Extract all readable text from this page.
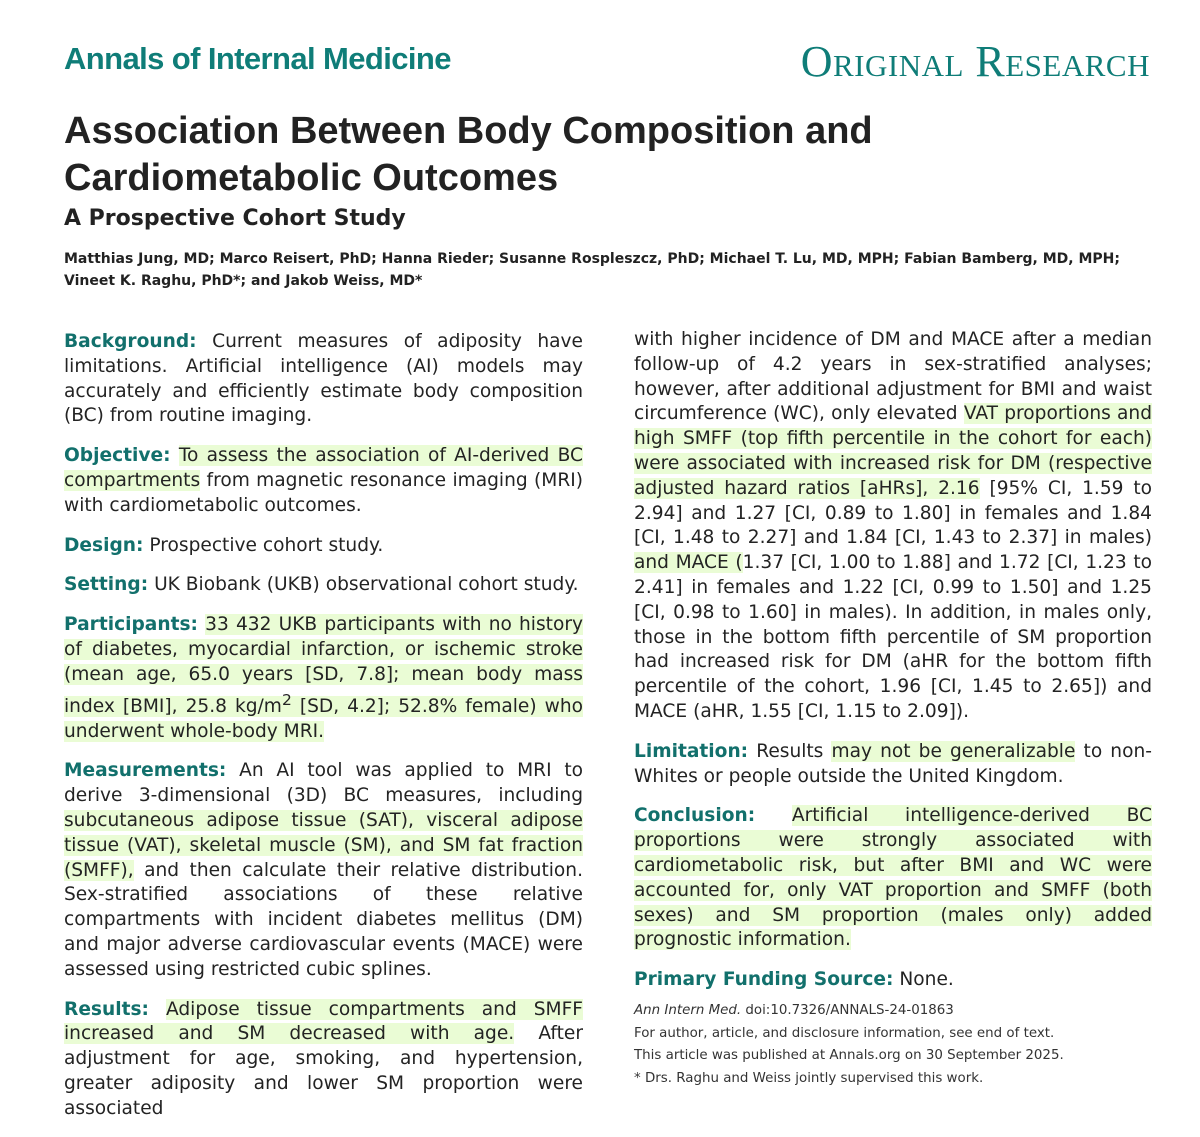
Annals of Internal Medicine	Original Research
Association Between Body Composition and Cardiometabolic Outcomes
A Prospective Cohort Study

Matthias Jung, MD; Marco Reisert, PhD; Hanna Rieder; Susanne Rospleszcz, PhD; Michael T. Lu, MD, MPH; Fabian Bamberg, MD, MPH; Vineet K. Raghu, PhD*; and Jakob Weiss, MD*

Background: Current measures of adiposity have limitations. Artificial intelligence (AI) models may accurately and efficiently estimate body composition (BC) from routine imaging.

Objective: To assess the association of AI-derived BC compartments from magnetic resonance imaging (MRI) with cardiometabolic outcomes.

Design: Prospective cohort study.

Setting: UK Biobank (UKB) observational cohort study.

Participants: 33 432 UKB participants with no history of diabetes, myocardial infarction, or ischemic stroke (mean age, 65.0 years [SD, 7.8]; mean body mass index [BMI], 25.8 $kg/m^2$ [SD, 4.2]; 52.8% female) who underwent whole-body MRI.

Measurements: An AI tool was applied to MRI to derive 3-dimensional (3D) BC measures, including subcutaneous adipose tissue (SAT), visceral adipose tissue (VAT), skeletal muscle (SM), and SM fat fraction (SMFF), and then calculate their relative distribution. Sex-stratified associations of these relative compartments with incident diabetes mellitus (DM) and major adverse cardiovascular events (MACE) were assessed using restricted cubic splines.

Results: Adipose tissue compartments and SMFF increased and SM decreased with age. After adjustment for age, smoking, and hypertension, greater adiposity and lower SM proportion were associated

with higher incidence of DM and MACE after a median follow-up of 4.2 years in sex-stratified analyses; however, after additional adjustment for BMI and waist circumference (WC), only elevated VAT proportions and high SMFF (top fifth percentile in the cohort for each) were associated with increased risk for DM (respective adjusted hazard ratios [aHRs], 2.16 [95% CI, 1.59 to 2.94] and 1.27 [CI, 0.89 to 1.80] in females and 1.84 [CI, 1.48 to 2.27] and 1.84 [CI, 1.43 to 2.37] in males) and MACE (1.37 [CI, 1.00 to 1.88] and 1.72 [CI, 1.23 to 2.41] in females and 1.22 [CI, 0.99 to 1.50] and 1.25 [CI, 0.98 to 1.60] in males). In addition, in males only, those in the bottom fifth percentile of SM proportion had increased risk for DM (aHR for the bottom fifth percentile of the cohort, 1.96 [CI, 1.45 to 2.65]) and MACE (aHR, 1.55 [CI, 1.15 to 2.09]).

Limitation: Results may not be generalizable to non-Whites or people outside the United Kingdom.

Conclusion: Artificial intelligence-derived BC proportions were strongly associated with cardiometabolic risk, but after BMI and WC were accounted for, only VAT proportion and SMFF (both sexes) and SM proportion (males only) added prognostic information.

Primary Funding Source: None.

Ann Intern Med. doi:10.7326/ANNALS-24-01863
For author, article, and disclosure information, see end of text.
This article was published at Annals.org on 30 September 2025.
* Drs. Raghu and Weiss jointly supervised this work.
